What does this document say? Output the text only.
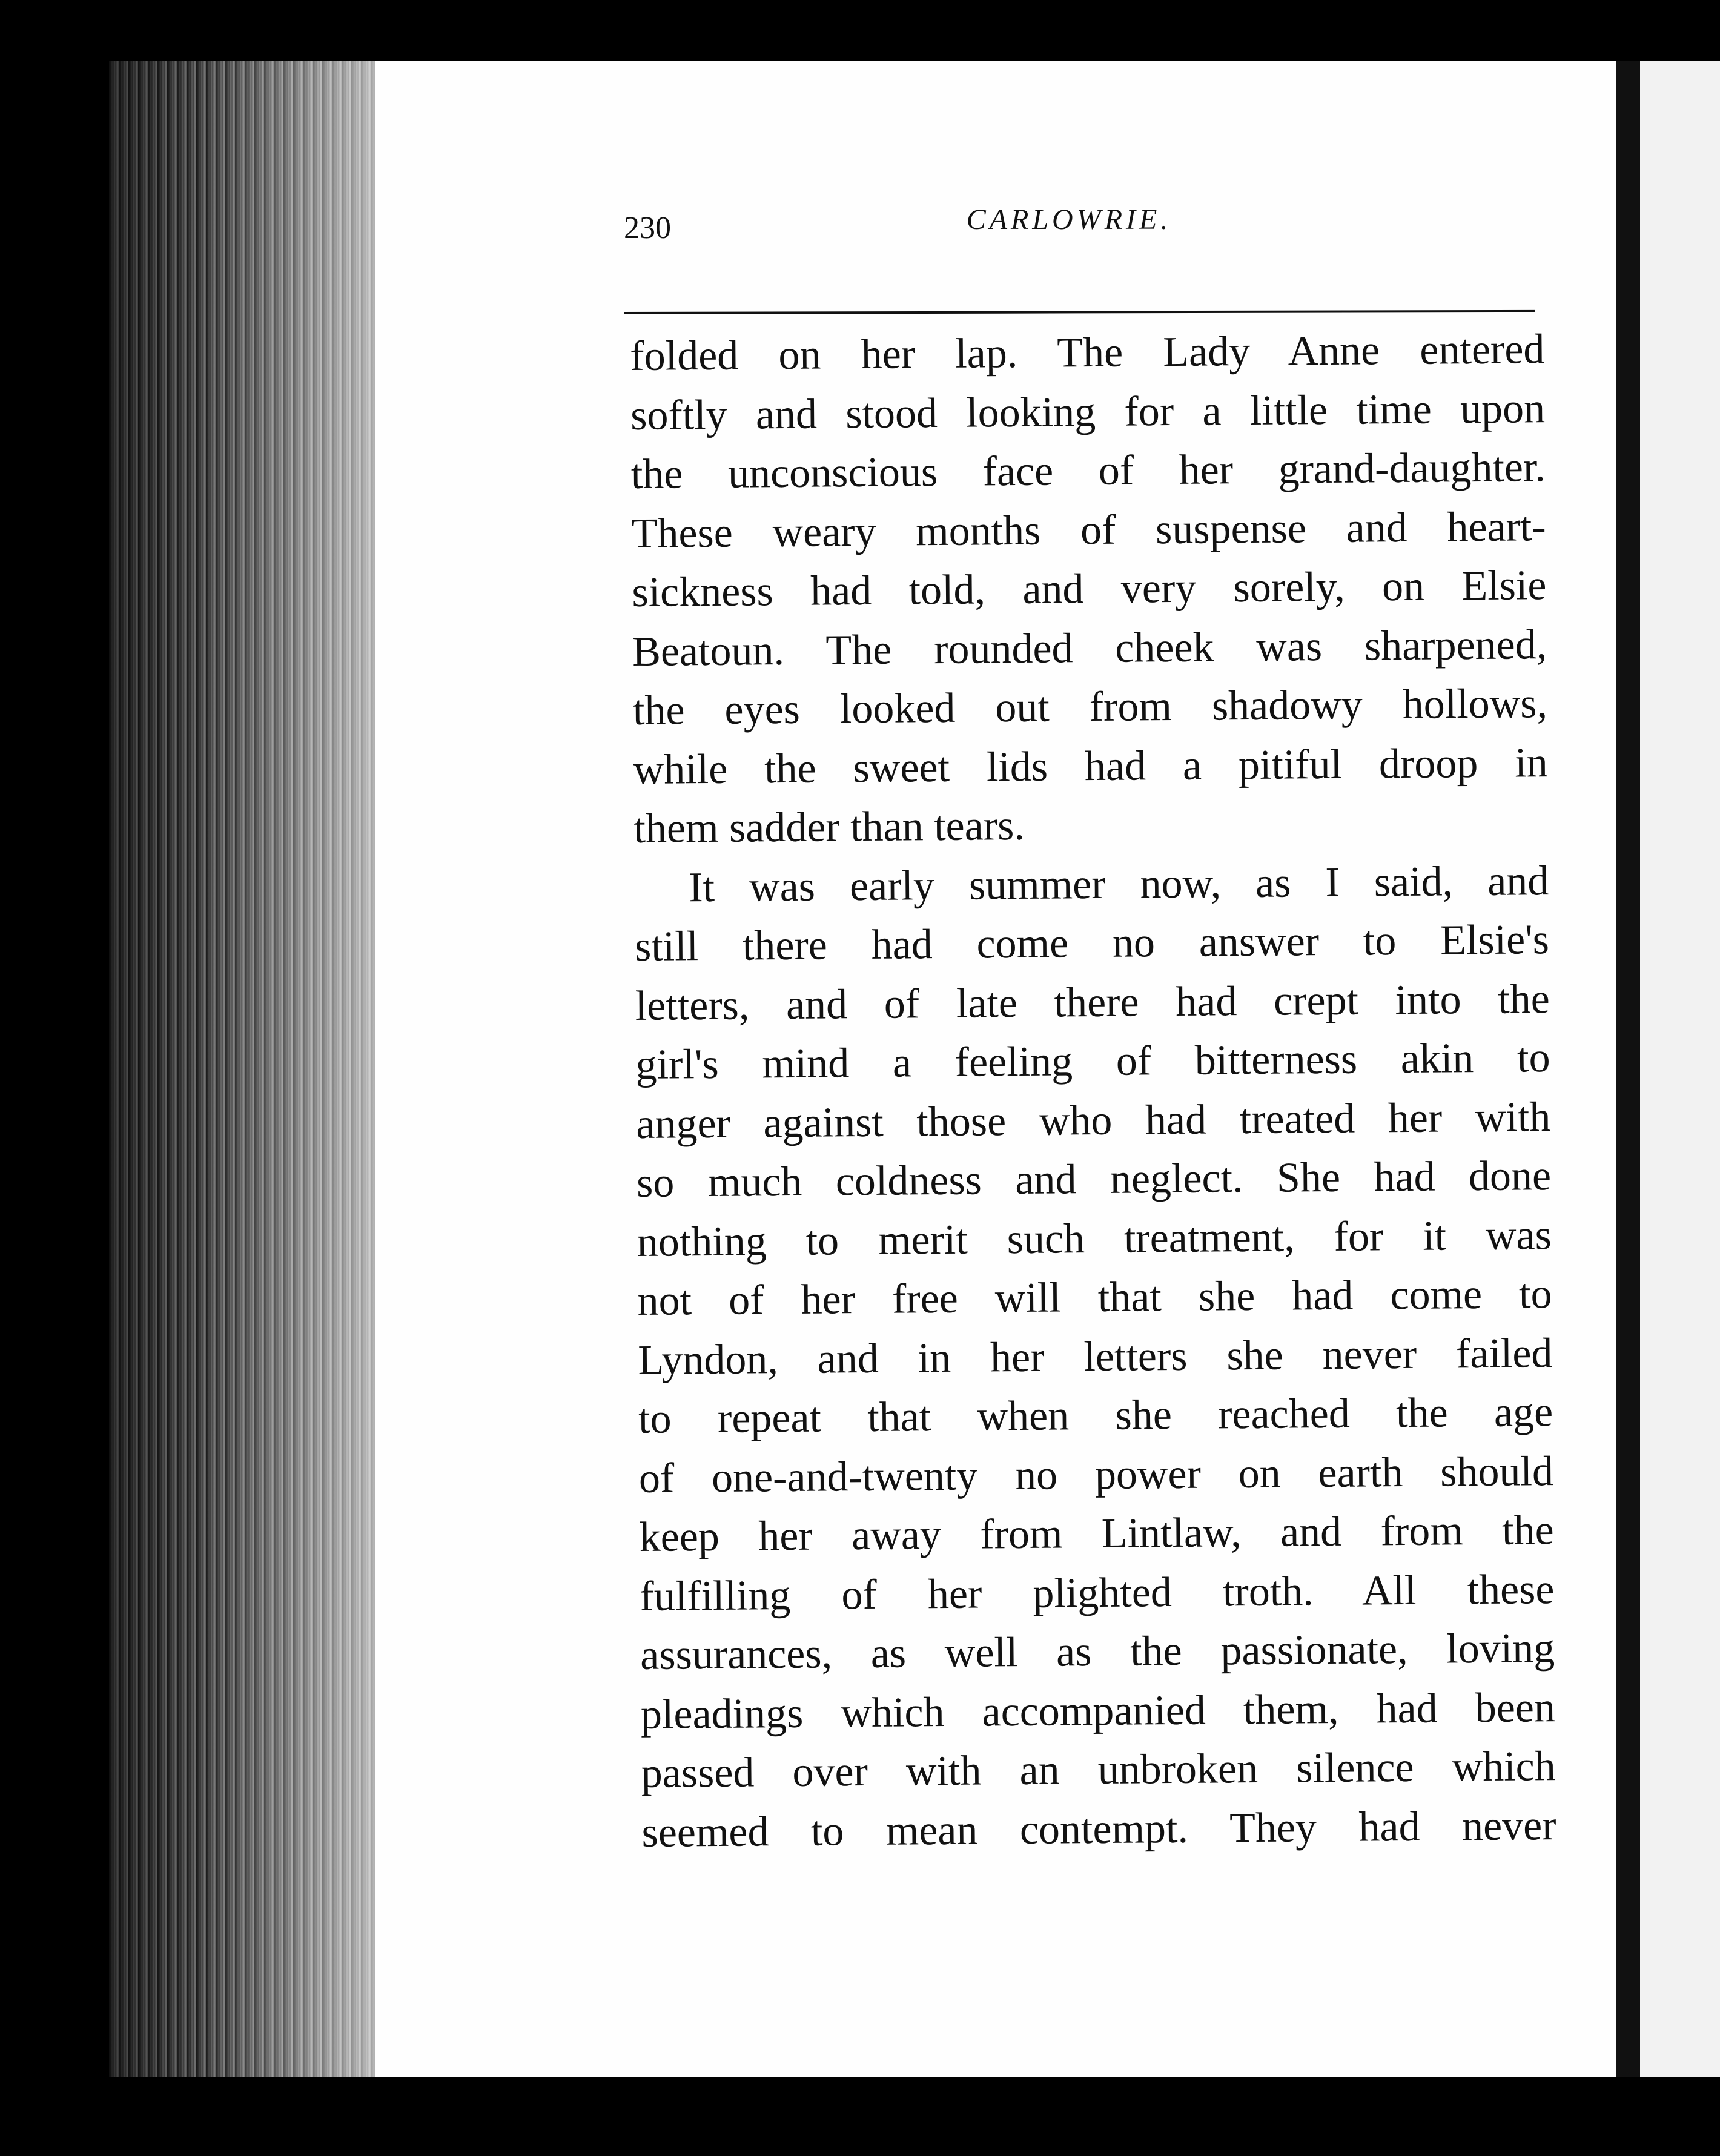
230	CARLOWRIE.
folded on her lap. The Lady Anne entered
softly and stood looking for a little time upon
the unconscious face of her grand-daughter.
These weary months of suspense and heart-
sickness had told, and very sorely, on Elsie
Beatoun. The rounded cheek was sharpened,
the eyes looked out from shadowy hollows,
while the sweet lids had a pitiful droop in
them sadder than tears.
It was early summer now, as I said, and
still there had come no answer to Elsie's
letters, and of late there had crept into the
girl's mind a feeling of bitterness akin to
anger against those who had treated her with
so much coldness and neglect. She had done
nothing to merit such treatment, for it was
not of her free will that she had come to
Lyndon, and in her letters she never failed
to repeat that when she reached the age
of one-and-twenty no power on earth should
keep her away from Lintlaw, and from the
fulfilling of her plighted troth. All these
assurances, as well as the passionate, loving
pleadings which accompanied them, had been
passed over with an unbroken silence which
seemed to mean contempt. They had never
